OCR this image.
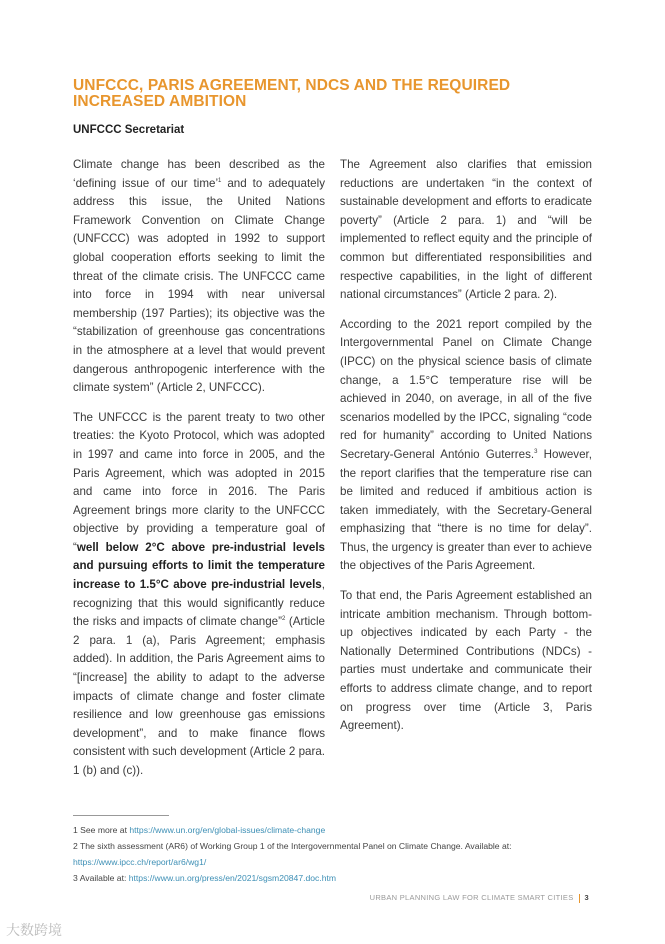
UNFCCC, PARIS AGREEMENT, NDCS AND THE REQUIRED INCREASED AMBITION
UNFCCC Secretariat

Climate change has been described as the ‘defining issue of our time’$^1$ and to adequately address this issue, the United Nations Framework Convention on Climate Change (UNFCCC) was adopted in 1992 to support global cooperation efforts seeking to limit the threat of the climate crisis. The UNFCCC came into force in 1994 with near universal membership (197 Parties); its objective was the “stabilization of greenhouse gas concentrations in the atmosphere at a level that would prevent dangerous anthropogenic interference with the climate system” (Article 2, UNFCCC).

The UNFCCC is the parent treaty to two other treaties: the Kyoto Protocol, which was adopted in 1997 and came into force in 2005, and the Paris Agreement, which was adopted in 2015 and came into force in 2016. The Paris Agreement brings more clarity to the UNFCCC objective by providing a temperature goal of “well below 2°C above pre-industrial levels and pursuing efforts to limit the temperature increase to 1.5°C above pre-industrial levels, recognizing that this would significantly reduce the risks and impacts of climate change”$^2$ (Article 2 para. 1 (a), Paris Agreement; emphasis added). In addition, the Paris Agreement aims to “[increase] the ability to adapt to the adverse impacts of climate change and foster climate resilience and low greenhouse gas emissions development”, and to make finance flows consistent with such development (Article 2 para. 1 (b) and (c)).

The Agreement also clarifies that emission reductions are undertaken “in the context of sustainable development and efforts to eradicate poverty” (Article 2 para. 1) and “will be implemented to reflect equity and the principle of common but differentiated responsibilities and respective capabilities, in the light of different national circumstances” (Article 2 para. 2).

According to the 2021 report compiled by the Intergovernmental Panel on Climate Change (IPCC) on the physical science basis of climate change, a 1.5°C temperature rise will be achieved in 2040, on average, in all of the five scenarios modelled by the IPCC, signaling “code red for humanity” according to United Nations Secretary-General António Guterres.$^3$ However, the report clarifies that the temperature rise can be limited and reduced if ambitious action is taken immediately, with the Secretary-General emphasizing that “there is no time for delay”. Thus, the urgency is greater than ever to achieve the objectives of the Paris Agreement.

To that end, the Paris Agreement established an intricate ambition mechanism. Through bottom-up objectives indicated by each Party - the Nationally Determined Contributions (NDCs) - parties must undertake and communicate their efforts to address climate change, and to report on progress over time (Article 3, Paris Agreement).

1 See more at https://www.un.org/en/global-issues/climate-change
2 The sixth assessment (AR6) of Working Group 1 of the Intergovernmental Panel on Climate Change. Available at: https://www.ipcc.ch/report/ar6/wg1/
3 Available at: https://www.un.org/press/en/2021/sgsm20847.doc.htm
URBAN PLANNING LAW FOR CLIMATE SMART CITIES 3
大数跨境
